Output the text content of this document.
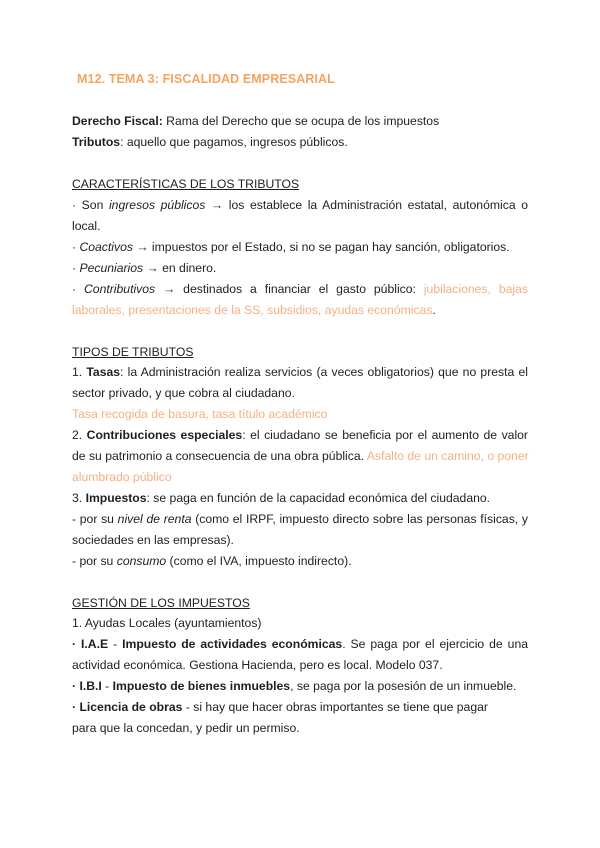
M12. TEMA 3: FISCALIDAD EMPRESARIAL
Derecho Fiscal: Rama del Derecho que se ocupa de los impuestos
Tributos: aquello que pagamos, ingresos públicos.
CARACTERÍSTICAS DE LOS TRIBUTOS
· Son ingresos públicos → los establece la Administración estatal, autonómica o
local.
· Coactivos → impuestos por el Estado, si no se pagan hay sanción, obligatorios.
· Pecuniarios → en dinero.
· Contributivos → destinados a financiar el gasto público: jubilaciones, bajas
laborales, presentaciones de la SS, subsidios, ayudas económicas.
TIPOS DE TRIBUTOS
1. Tasas: la Administración realiza servicios (a veces obligatorios) que no presta el
sector privado, y que cobra al ciudadano.
Tasa recogida de basura, tasa título académico
2. Contribuciones especiales: el ciudadano se beneficia por el aumento de valor
de su patrimonio a consecuencia de una obra pública. Asfalto de un camino, o poner
alumbrado público
3. Impuestos: se paga en función de la capacidad económica del ciudadano.
- por su nivel de renta (como el IRPF, impuesto directo sobre las personas físicas, y
sociedades en las empresas).
- por su consumo (como el IVA, impuesto indirecto).
GESTIÓN DE LOS IMPUESTOS
1. Ayudas Locales (ayuntamientos)
· I.A.E - Impuesto de actividades económicas. Se paga por el ejercicio de una
actividad económica. Gestiona Hacienda, pero es local. Modelo 037.
· I.B.I - Impuesto de bienes inmuebles, se paga por la posesión de un inmueble.
· Licencia de obras - si hay que hacer obras importantes se tiene que pagar
para que la concedan, y pedir un permiso.
